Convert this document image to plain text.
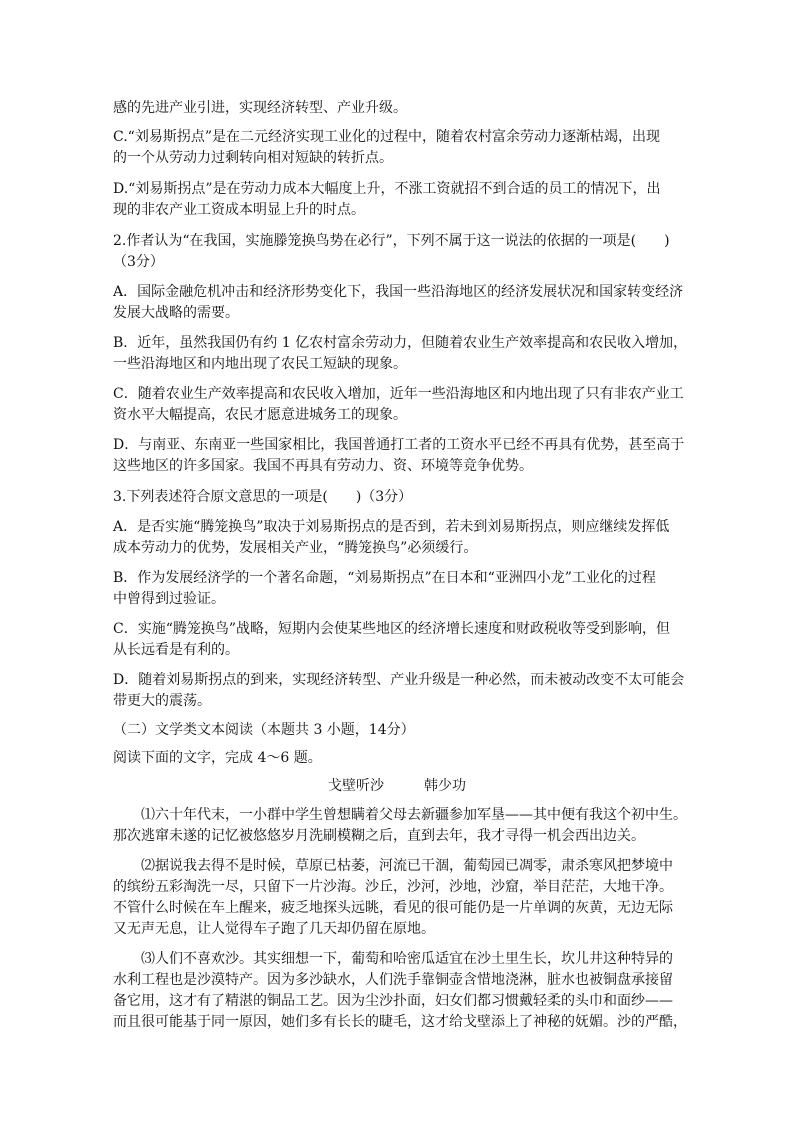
感的先进产业引进，实现经济转型、产业升级。
C.“刘易斯拐点”是在二元经济实现工业化的过程中，随着农村富余劳动力逐渐枯竭，出现
的一个从劳动力过剩转向相对短缺的转折点。
D.“刘易斯拐点”是在劳动力成本大幅度上升，不涨工资就招不到合适的员工的情况下，出
现的非农产业工资成本明显上升的时点。
2.作者认为“在我国，实施滕笼换鸟势在必行”，下列不属于这一说法的依据的一项是(　　)
（3分）
A．国际金融危机冲击和经济形势变化下，我国一些沿海地区的经济发展状况和国家转变经济
发展大战略的需要。
B．近年，虽然我国仍有约 1 亿农村富余劳动力，但随着农业生产效率提高和农民收入增加，
一些沿海地区和内地出现了农民工短缺的现象。
C．随着农业生产效率提高和农民收入增加，近年一些沿海地区和内地出现了只有非农产业工
资水平大幅提高，农民才愿意进城务工的现象。
D．与南亚、东南亚一些国家相比，我国普通打工者的工资水平已经不再具有优势，甚至高于
这些地区的许多国家。我国不再具有劳动力、资、环境等竞争优势。
3.下列表述符合原文意思的一项是(　　)（3分）
A．是否实施“腾笼换鸟”取决于刘易斯拐点的是否到，若未到刘易斯拐点，则应继续发挥低
成本劳动力的优势，发展相关产业，“腾笼换鸟”必须缓行。
B．作为发展经济学的一个著名命题，“刘易斯拐点”在日本和“亚洲四小龙”工业化的过程
中曾得到过验证。
C．实施“腾笼换鸟”战略，短期内会使某些地区的经济增长速度和财政税收等受到影响，但
从长远看是有利的。
D．随着刘易斯拐点的到来，实现经济转型、产业升级是一种必然，而未被动改变不太可能会
带更大的震荡。
（二）文学类文本阅读（本题共 3 小题，14分）
阅读下面的文字，完成 4～6 题。
戈壁听沙	韩少功
⑴六十年代末，一小群中学生曾想瞒着父母去新疆参加军垦——其中便有我这个初中生。
那次逃窜未遂的记忆被悠悠岁月洗刷模糊之后，直到去年，我才寻得一机会西出边关。
⑵据说我去得不是时候，草原已枯萎，河流已干涸，葡萄园已凋零，肃杀寒风把梦境中
的缤纷五彩淘洗一尽，只留下一片沙海。沙丘，沙河，沙地，沙窟，举目茫茫，大地干净。
不管什么时候在车上醒来，疲乏地探头远眺，看见的很可能仍是一片单调的灰黄，无边无际
又无声无息，让人觉得车子跑了几天却仍留在原地。
⑶人们不喜欢沙。其实细想一下，葡萄和哈密瓜适宜在沙土里生长，坎儿井这种特异的
水利工程也是沙漠特产。因为多沙缺水，人们洗手靠铜壶含惜地浇淋，脏水也被铜盘承接留
备它用，这才有了精湛的铜品工艺。因为尘沙扑面，妇女们都习惯戴轻柔的头巾和面纱——
而且很可能基于同一原因，她们多有长长的睫毛，这才给戈壁添上了神秘的妩媚。沙的严酷，
